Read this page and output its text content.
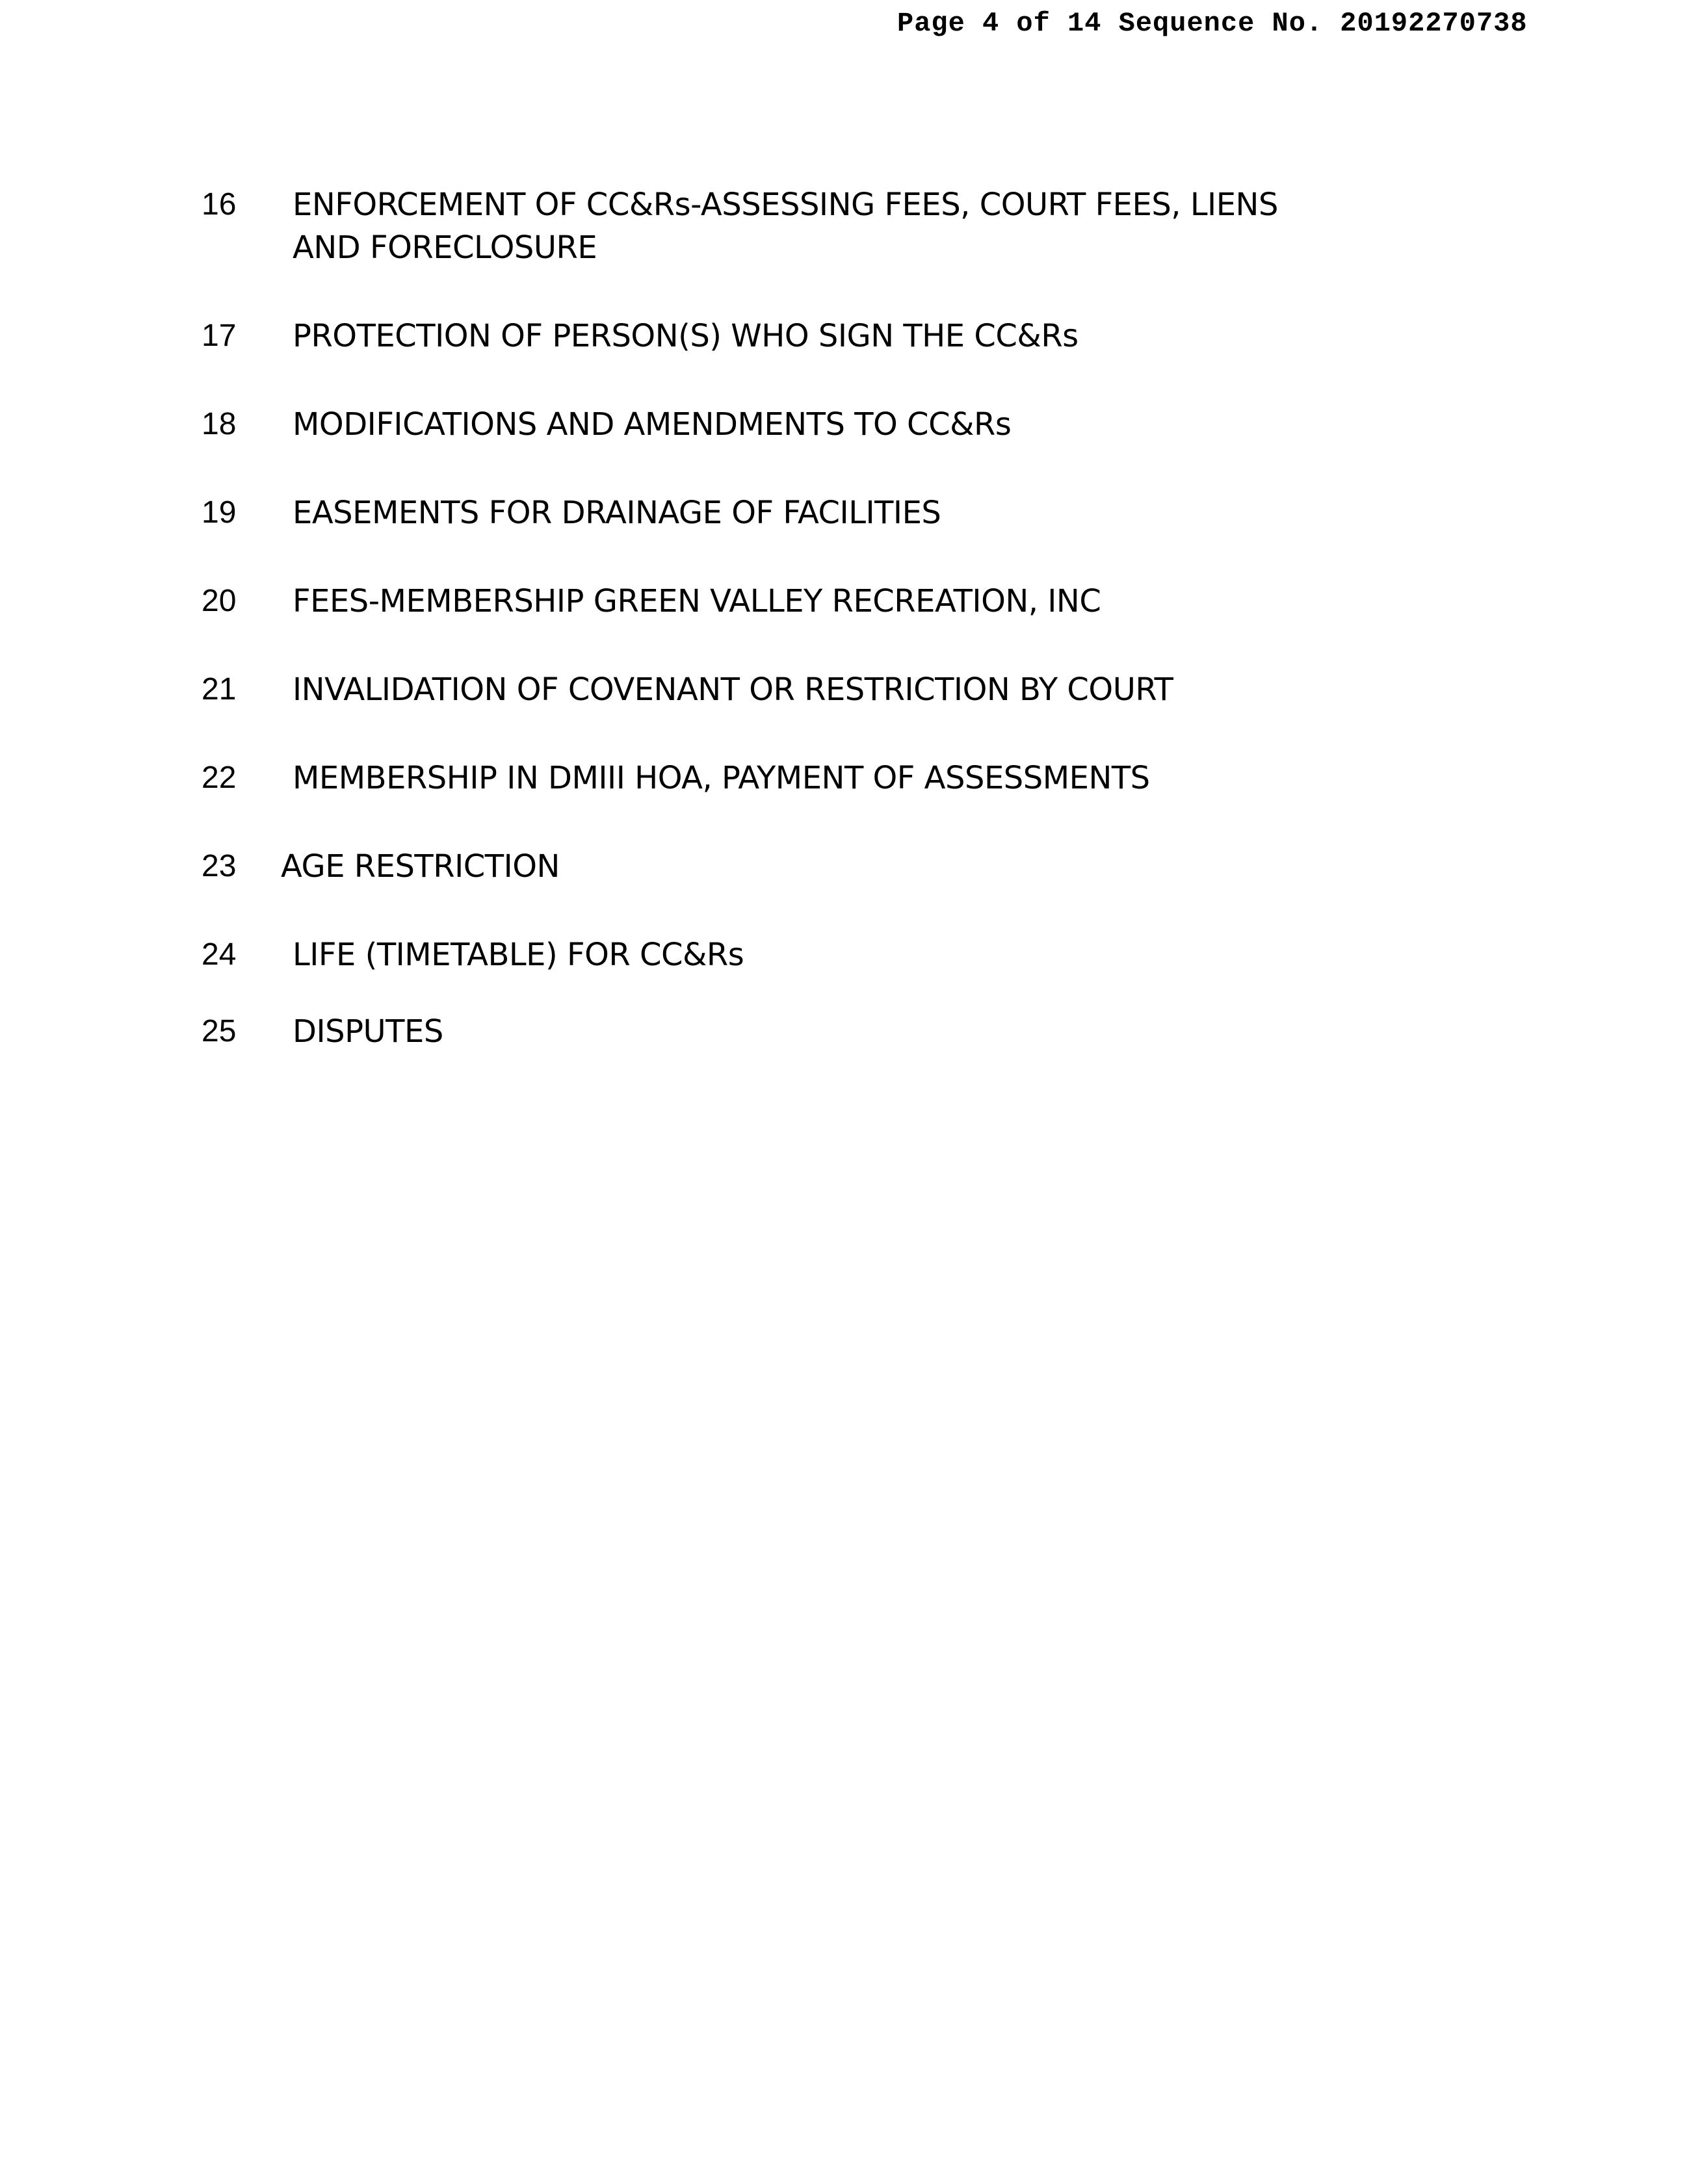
Page 4 of 14 Sequence No. 20192270738
16	ENFORCEMENT OF CC&Rs-ASSESSING FEES, COURT FEES, LIENS
AND FORECLOSURE
17	PROTECTION OF PERSON(S) WHO SIGN THE CC&Rs
18	MODIFICATIONS AND AMENDMENTS TO CC&Rs
19	EASEMENTS FOR DRAINAGE OF FACILITIES
20	FEES-MEMBERSHIP GREEN VALLEY RECREATION, INC
21	INVALIDATION OF COVENANT OR RESTRICTION BY COURT
22	MEMBERSHIP IN DMIII HOA, PAYMENT OF ASSESSMENTS
23	AGE RESTRICTION
24	LIFE (TIMETABLE) FOR CC&Rs
25	DISPUTES
